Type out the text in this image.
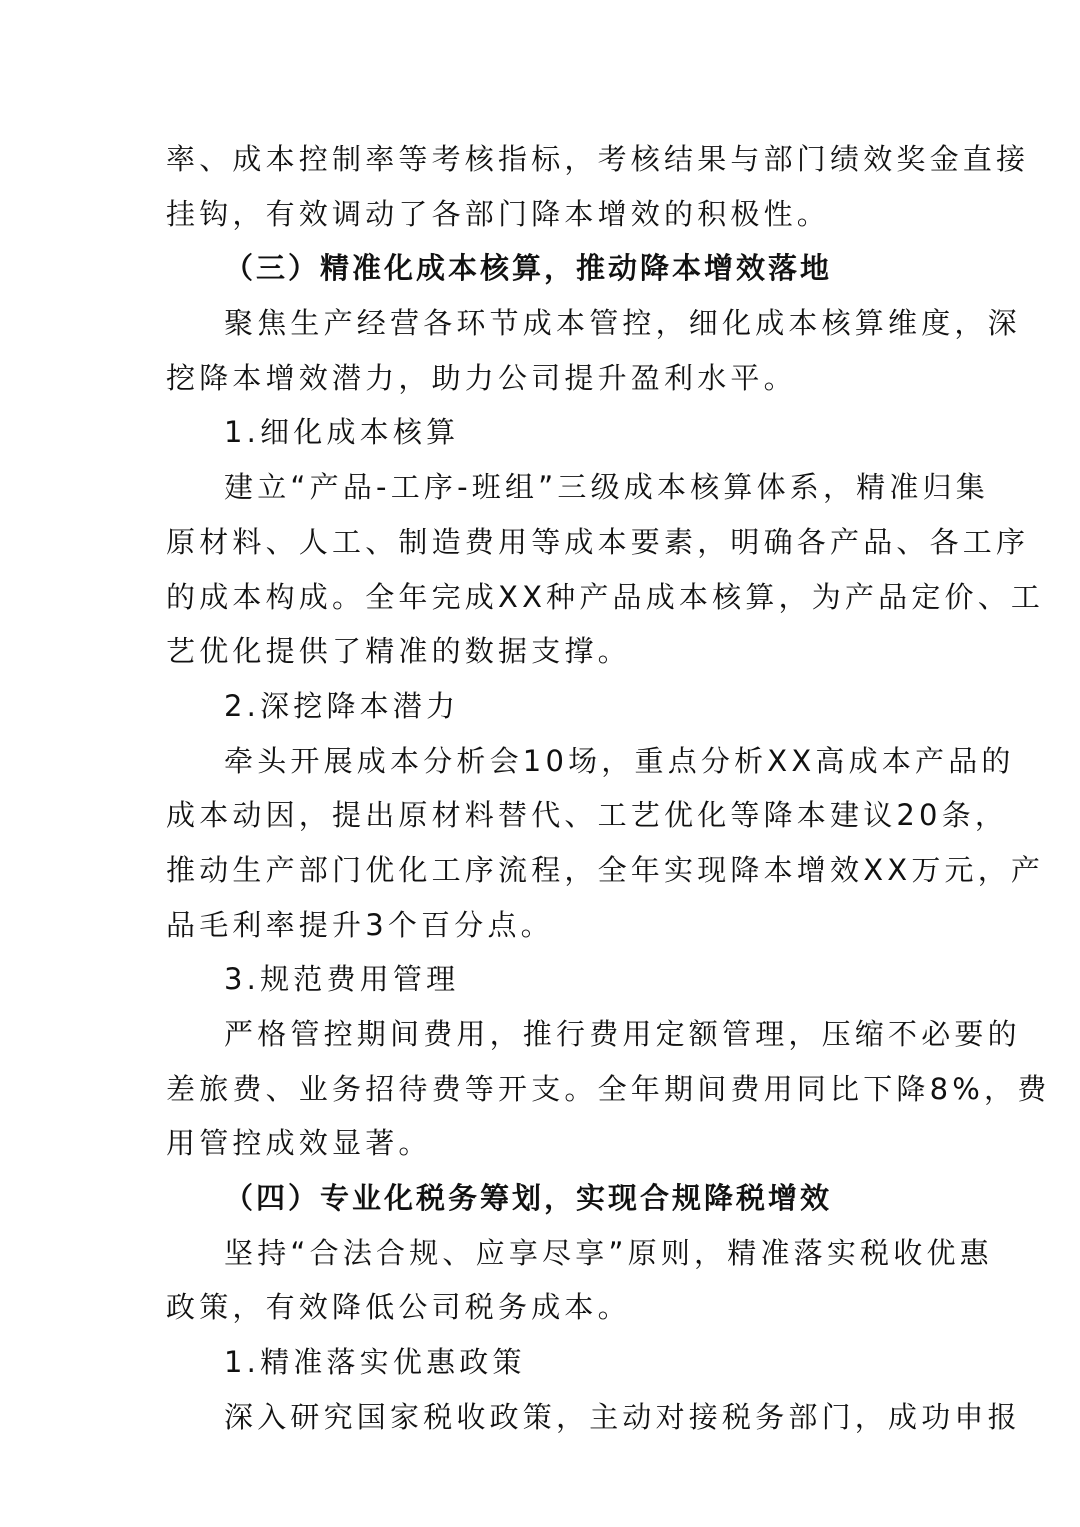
率、成本控制率等考核指标，考核结果与部门绩效奖金直接
挂钩，有效调动了各部门降本增效的积极性。
（三）精准化成本核算，推动降本增效落地
聚焦生产经营各环节成本管控，细化成本核算维度，深
挖降本增效潜力，助力公司提升盈利水平。
1.细化成本核算
建立“产品-工序-班组”三级成本核算体系，精准归集
原材料、人工、制造费用等成本要素，明确各产品、各工序
的成本构成。全年完成XX种产品成本核算，为产品定价、工
艺优化提供了精准的数据支撑。
2.深挖降本潜力
牵头开展成本分析会10场，重点分析XX高成本产品的
成本动因，提出原材料替代、工艺优化等降本建议20条，
推动生产部门优化工序流程，全年实现降本增效XX万元，产
品毛利率提升3个百分点。
3.规范费用管理
严格管控期间费用，推行费用定额管理，压缩不必要的
差旅费、业务招待费等开支。全年期间费用同比下降8%，费
用管控成效显著。
（四）专业化税务筹划，实现合规降税增效
坚持“合法合规、应享尽享”原则，精准落实税收优惠
政策，有效降低公司税务成本。
1.精准落实优惠政策
深入研究国家税收政策，主动对接税务部门，成功申报
